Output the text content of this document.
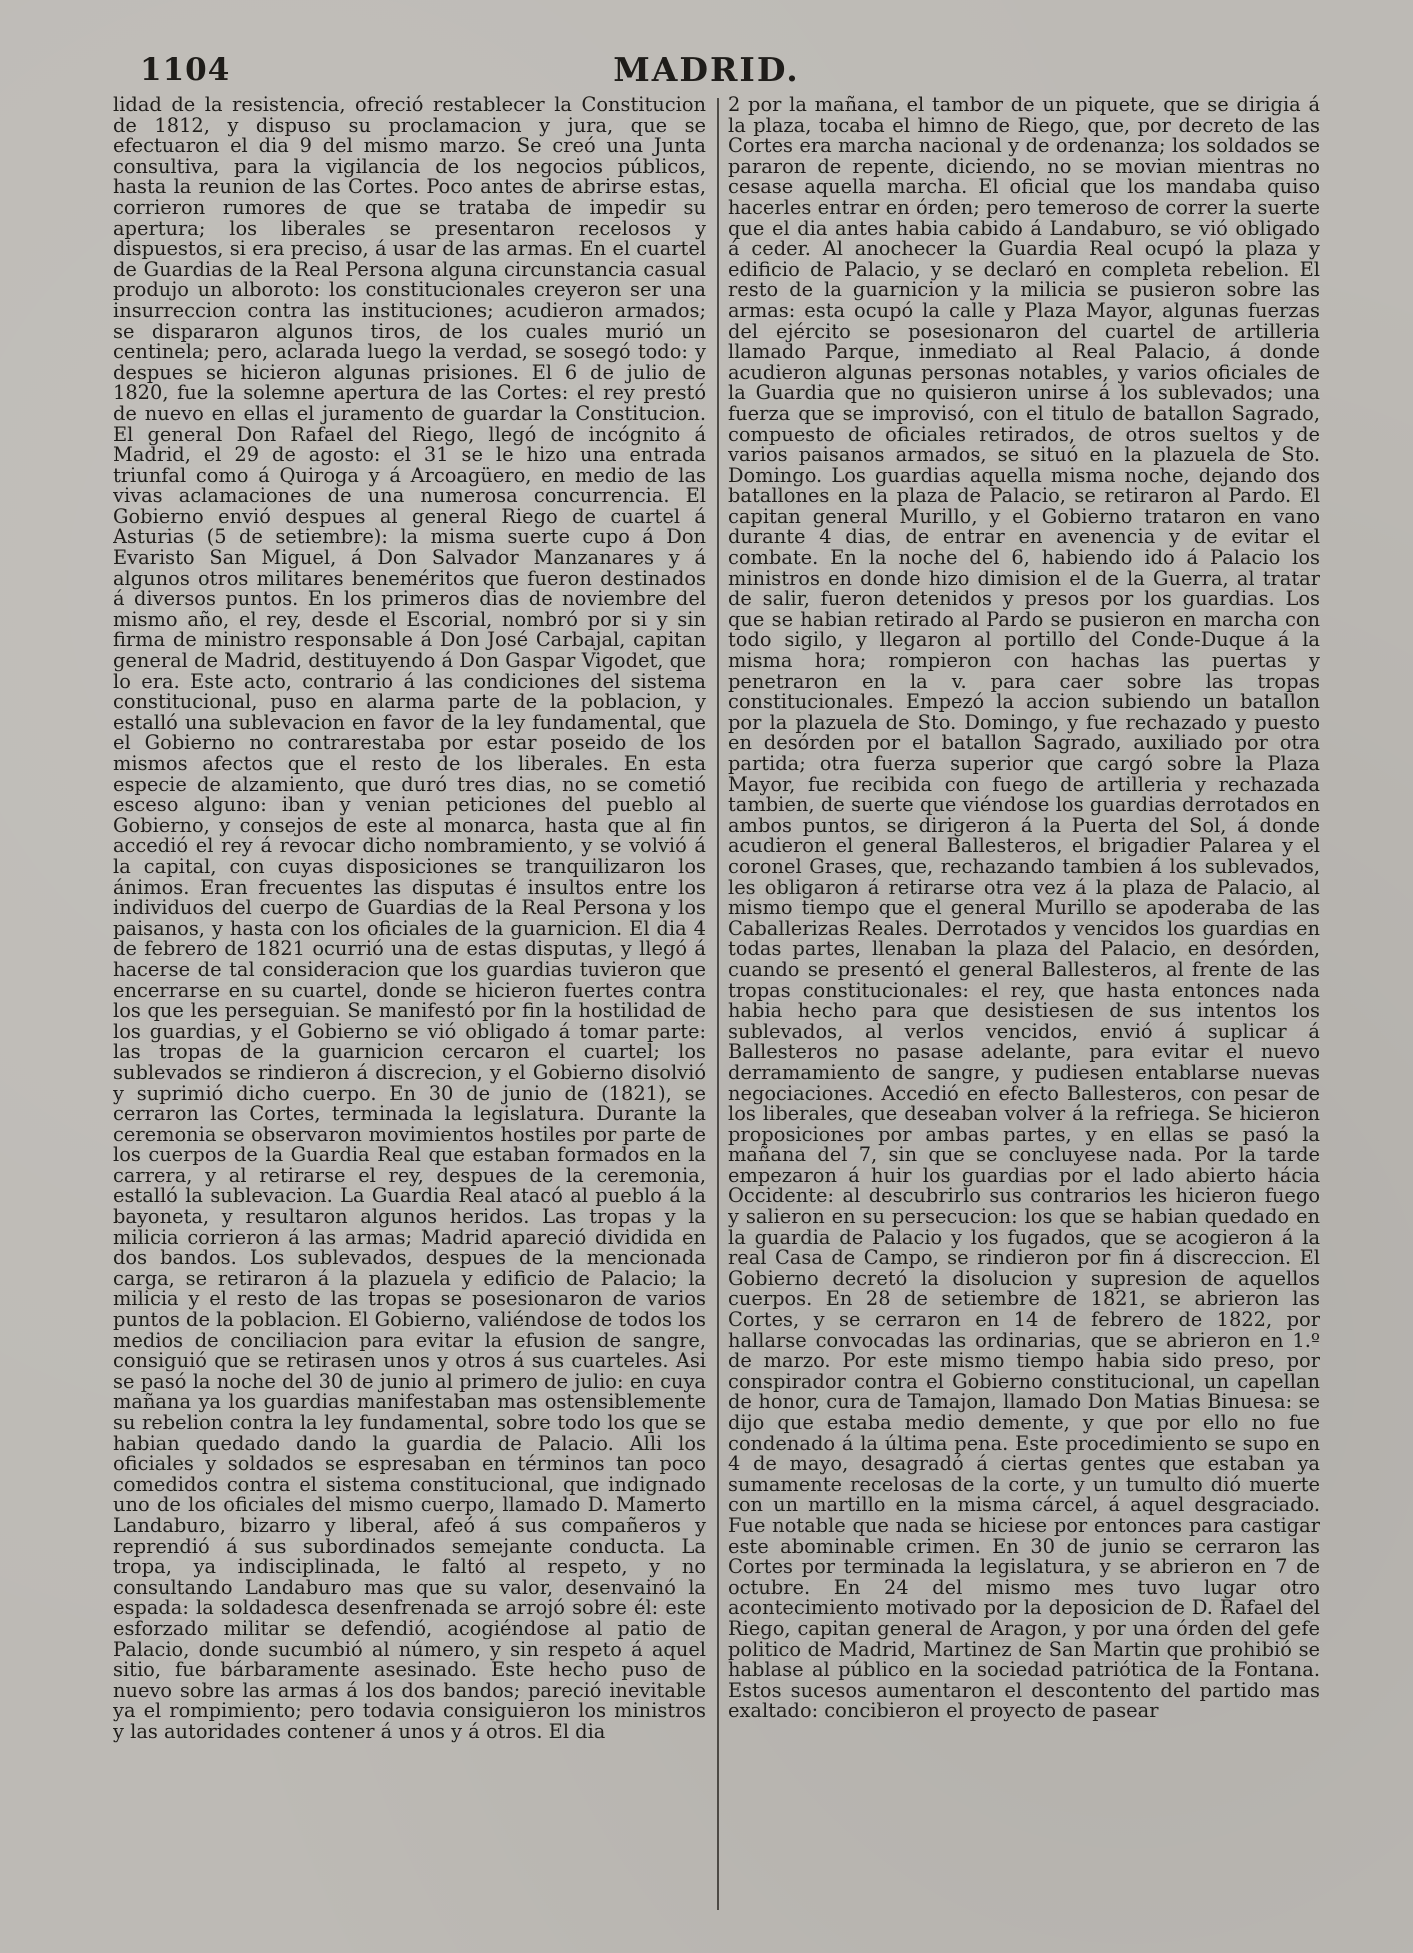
1104	MADRID.

lidad de la resistencia, ofreció restablecer la Constitucion de 1812, y dispuso su proclamacion y jura, que se efectuaron el dia 9 del mismo marzo. Se creó una Junta consultiva, para la vigilancia de los negocios públicos, hasta la reunion de las Cortes. Poco antes de abrirse estas, corrieron rumores de que se trataba de impedir su apertura; los liberales se presentaron recelosos y dispuestos, si era preciso, á usar de las armas. En el cuartel de Guardias de la Real Persona alguna circunstancia casual produjo un alboroto: los constitucionales creyeron ser una insurreccion contra las instituciones; acudieron armados; se dispararon algunos tiros, de los cuales murió un centinela; pero, aclarada luego la verdad, se sosegó todo: y despues se hicieron algunas prisiones. El 6 de julio de 1820, fue la solemne apertura de las Cortes: el rey prestó de nuevo en ellas el juramento de guardar la Constitucion. El general Don Rafael del Riego, llegó de incógnito á Madrid, el 29 de agosto: el 31 se le hizo una entrada triunfal como á Quiroga y á Arcoagüero, en medio de las vivas aclamaciones de una numerosa concurrencia. El Gobierno envió despues al general Riego de cuartel á Asturias (5 de setiembre): la misma suerte cupo á Don Evaristo San Miguel, á Don Salvador Manzanares y á algunos otros militares beneméritos que fueron destinados á diversos puntos. En los primeros dias de noviembre del mismo año, el rey, desde el Escorial, nombró por si y sin firma de ministro responsable á Don José Carbajal, capitan general de Madrid, destituyendo á Don Gaspar Vigodet, que lo era. Este acto, contrario á las condiciones del sistema constitucional, puso en alarma parte de la poblacion, y estalló una sublevacion en favor de la ley fundamental, que el Gobierno no contrarestaba por estar poseido de los mismos afectos que el resto de los liberales. En esta especie de alzamiento, que duró tres dias, no se cometió esceso alguno: iban y venian peticiones del pueblo al Gobierno, y consejos de este al monarca, hasta que al fin accedió el rey á revocar dicho nombramiento, y se volvió á la capital, con cuyas disposiciones se tranquilizaron los ánimos. Eran frecuentes las disputas é insultos entre los individuos del cuerpo de Guardias de la Real Persona y los paisanos, y hasta con los oficiales de la guarnicion. El dia 4 de febrero de 1821 ocurrió una de estas disputas, y llegó á hacerse de tal consideracion que los guardias tuvieron que encerrarse en su cuartel, donde se hicieron fuertes contra los que les perseguian. Se manifestó por fin la hostilidad de los guardias, y el Gobierno se vió obligado á tomar parte: las tropas de la guarnicion cercaron el cuartel; los sublevados se rindieron á discrecion, y el Gobierno disolvió y suprimió dicho cuerpo. En 30 de junio de (1821), se cerraron las Cortes, terminada la legislatura. Durante la ceremonia se observaron movimientos hostiles por parte de los cuerpos de la Guardia Real que estaban formados en la carrera, y al retirarse el rey, despues de la ceremonia, estalló la sublevacion. La Guardia Real atacó al pueblo á la bayoneta, y resultaron algunos heridos. Las tropas y la milicia corrieron á las armas; Madrid apareció dividida en dos bandos. Los sublevados, despues de la mencionada carga, se retiraron á la plazuela y edificio de Palacio; la milicia y el resto de las tropas se posesionaron de varios puntos de la poblacion. El Gobierno, valiéndose de todos los medios de conciliacion para evitar la efusion de sangre, consiguió que se retirasen unos y otros á sus cuarteles. Asi se pasó la noche del 30 de junio al primero de julio: en cuya mañana ya los guardias manifestaban mas ostensiblemente su rebelion contra la ley fundamental, sobre todo los que se habian quedado dando la guardia de Palacio. Alli los oficiales y soldados se espresaban en términos tan poco comedidos contra el sistema constitucional, que indignado uno de los oficiales del mismo cuerpo, llamado D. Mamerto Landaburo, bizarro y liberal, afeó á sus compañeros y reprendió á sus subordinados semejante conducta. La tropa, ya indisciplinada, le faltó al respeto, y no consultando Landaburo mas que su valor, desenvainó la espada: la soldadesca desenfrenada se arrojó sobre él: este esforzado militar se defendió, acogiéndose al patio de Palacio, donde sucumbió al número, y sin respeto á aquel sitio, fue bárbaramente asesinado. Este hecho puso de nuevo sobre las armas á los dos bandos; pareció inevitable ya el rompimiento; pero todavia consiguieron los ministros y las autoridades contener á unos y á otros. El dia

2 por la mañana, el tambor de un piquete, que se dirigia á la plaza, tocaba el himno de Riego, que, por decreto de las Cortes era marcha nacional y de ordenanza; los soldados se pararon de repente, diciendo, no se movian mientras no cesase aquella marcha. El oficial que los mandaba quiso hacerles entrar en órden; pero temeroso de correr la suerte que el dia antes habia cabido á Landaburo, se vió obligado á ceder. Al anochecer la Guardia Real ocupó la plaza y edificio de Palacio, y se declaró en completa rebelion. El resto de la guarnicion y la milicia se pusieron sobre las armas: esta ocupó la calle y Plaza Mayor, algunas fuerzas del ejército se posesionaron del cuartel de artilleria llamado Parque, inmediato al Real Palacio, á donde acudieron algunas personas notables, y varios oficiales de la Guardia que no quisieron unirse á los sublevados; una fuerza que se improvisó, con el titulo de batallon Sagrado, compuesto de oficiales retirados, de otros sueltos y de varios paisanos armados, se situó en la plazuela de Sto. Domingo. Los guardias aquella misma noche, dejando dos batallones en la plaza de Palacio, se retiraron al Pardo. El capitan general Murillo, y el Gobierno trataron en vano durante 4 dias, de entrar en avenencia y de evitar el combate. En la noche del 6, habiendo ido á Palacio los ministros en donde hizo dimision el de la Guerra, al tratar de salir, fueron detenidos y presos por los guardias. Los que se habian retirado al Pardo se pusieron en marcha con todo sigilo, y llegaron al portillo del Conde-Duque á la misma hora; rompieron con hachas las puertas y penetraron en la v. para caer sobre las tropas constitucionales. Empezó la accion subiendo un batallon por la plazuela de Sto. Domingo, y fue rechazado y puesto en desórden por el batallon Sagrado, auxiliado por otra partida; otra fuerza superior que cargó sobre la Plaza Mayor, fue recibida con fuego de artilleria y rechazada tambien, de suerte que viéndose los guardias derrotados en ambos puntos, se dirigeron á la Puerta del Sol, á donde acudieron el general Ballesteros, el brigadier Palarea y el coronel Grases, que, rechazando tambien á los sublevados, les obligaron á retirarse otra vez á la plaza de Palacio, al mismo tiempo que el general Murillo se apoderaba de las Caballerizas Reales. Derrotados y vencidos los guardias en todas partes, llenaban la plaza del Palacio, en desórden, cuando se presentó el general Ballesteros, al frente de las tropas constitucionales: el rey, que hasta entonces nada habia hecho para que desistiesen de sus intentos los sublevados, al verlos vencidos, envió á suplicar á Ballesteros no pasase adelante, para evitar el nuevo derramamiento de sangre, y pudiesen entablarse nuevas negociaciones. Accedió en efecto Ballesteros, con pesar de los liberales, que deseaban volver á la refriega. Se hicieron proposiciones por ambas partes, y en ellas se pasó la mañana del 7, sin que se concluyese nada. Por la tarde empezaron á huir los guardias por el lado abierto hácia Occidente: al descubrirlo sus contrarios les hicieron fuego y salieron en su persecucion: los que se habian quedado en la guardia de Palacio y los fugados, que se acogieron á la real Casa de Campo, se rindieron por fin á discreccion. El Gobierno decretó la disolucion y supresion de aquellos cuerpos. En 28 de setiembre de 1821, se abrieron las Cortes, y se cerraron en 14 de febrero de 1822, por hallarse convocadas las ordinarias, que se abrieron en 1.º de marzo. Por este mismo tiempo habia sido preso, por conspirador contra el Gobierno constitucional, un capellan de honor, cura de Tamajon, llamado Don Matias Binuesa: se dijo que estaba medio demente, y que por ello no fue condenado á la última pena. Este procedimiento se supo en 4 de mayo, desagradó á ciertas gentes que estaban ya sumamente recelosas de la corte, y un tumulto dió muerte con un martillo en la misma cárcel, á aquel desgraciado. Fue notable que nada se hiciese por entonces para castigar este abominable crimen. En 30 de junio se cerraron las Cortes por terminada la legislatura, y se abrieron en 7 de octubre. En 24 del mismo mes tuvo lugar otro acontecimiento motivado por la deposicion de D. Rafael del Riego, capitan general de Aragon, y por una órden del gefe politico de Madrid, Martinez de San Martin que prohibió se hablase al público en la sociedad patriótica de la Fontana. Estos sucesos aumentaron el descontento del partido mas exaltado: concibieron el proyecto de pasear
